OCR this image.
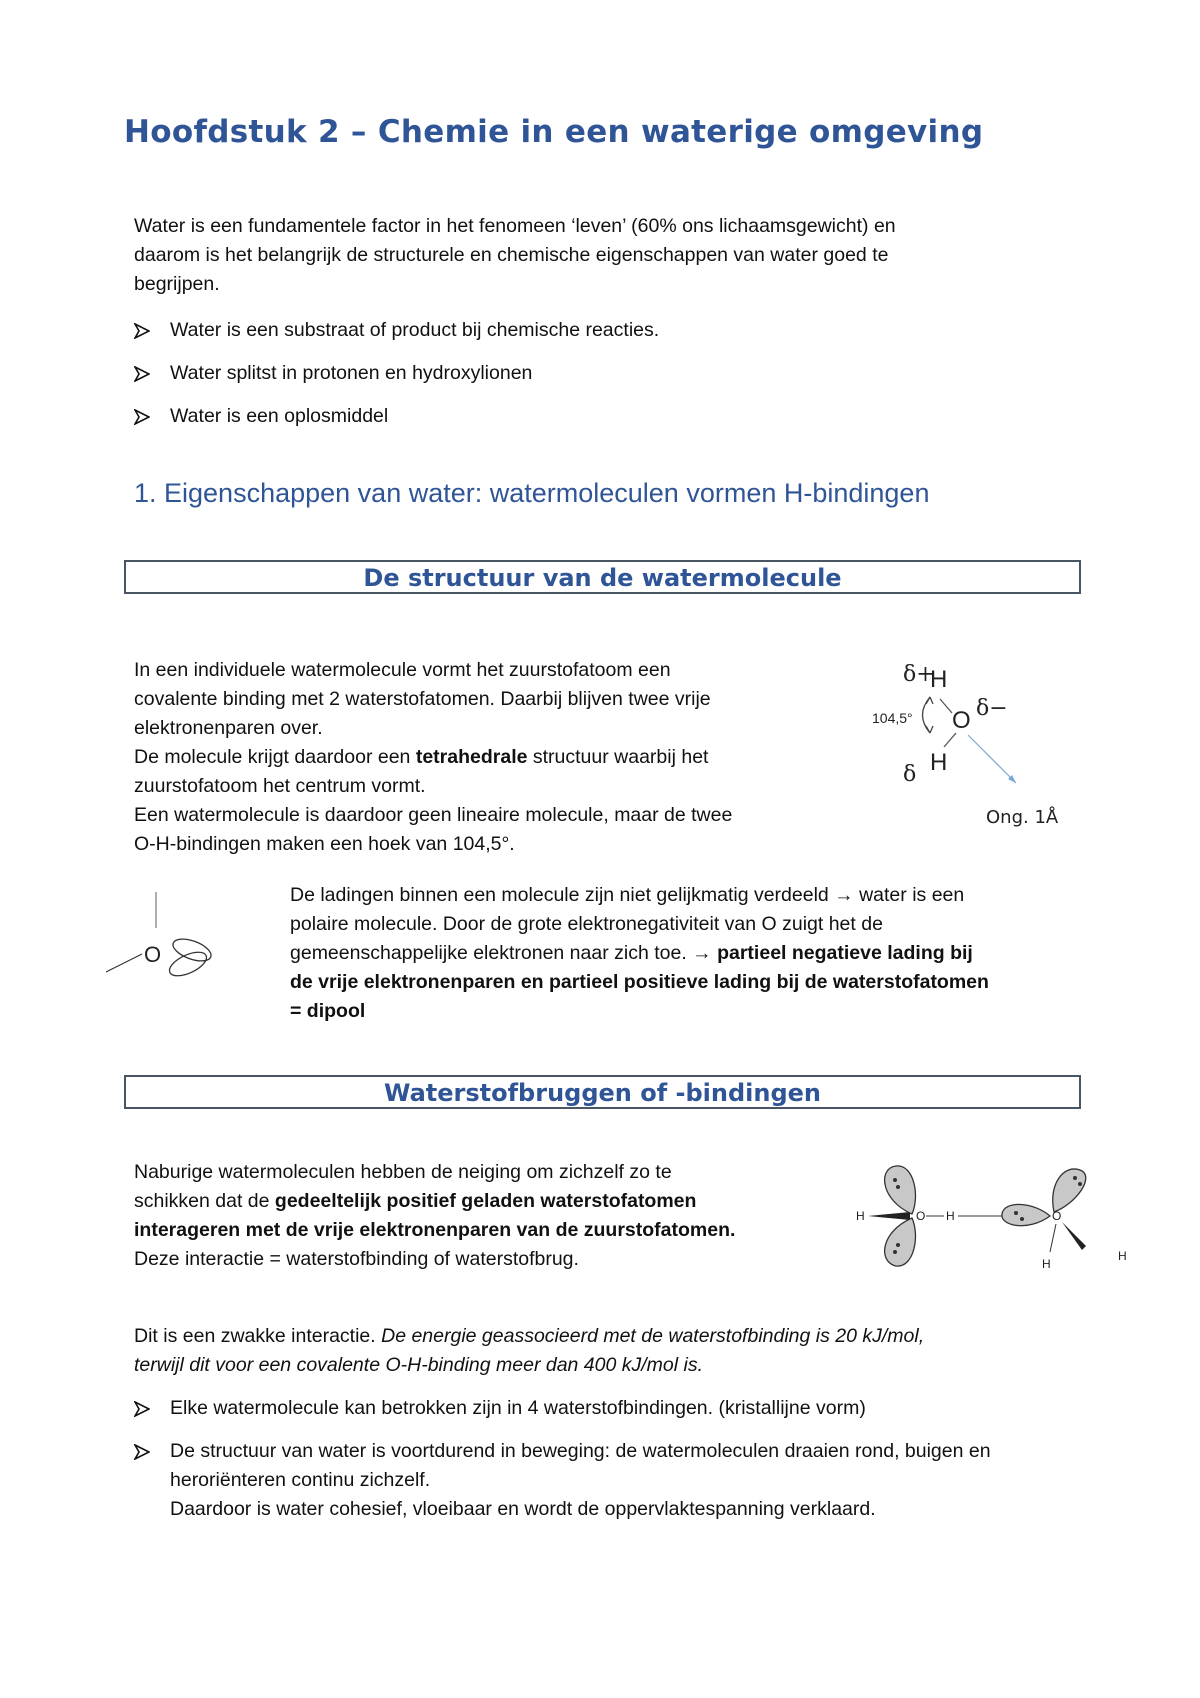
Hoofdstuk 2 – Chemie in een waterige omgeving
Water is een fundamentele factor in het fenomeen ‘leven’ (60% ons lichaamsgewicht) en
daarom is het belangrijk de structurele en chemische eigenschappen van water goed te
begrijpen.
Water is een substraat of product bij chemische reacties.
Water splitst in protonen en hydroxylionen
Water is een oplosmiddel
1. Eigenschappen van water: watermoleculen vormen H-bindingen
De structuur van de watermolecule
In een individuele watermolecule vormt het zuurstofatoom een
covalente binding met 2 waterstofatomen. Daarbij blijven twee vrije
elektronenparen over.
De molecule krijgt daardoor een tetrahedrale structuur waarbij het
zuurstofatoom het centrum vormt.
Een watermolecule is daardoor geen lineaire molecule, maar de twee
O-H-bindingen maken een hoek van 104,5°.
δ+
H
104,5° O δ−
δ H
Ong. 1Å
O
De ladingen binnen een molecule zijn niet gelijkmatig verdeeld → water is een
polaire molecule. Door de grote elektronegativiteit van O zuigt het de
gemeenschappelijke elektronen naar zich toe. → partieel negatieve lading bij
de vrije elektronenparen en partieel positieve lading bij de waterstofatomen
= dipool
Waterstofbruggen of -bindingen
Naburige watermoleculen hebben de neiging om zichzelf zo te
schikken dat de gedeeltelijk positief geladen waterstofatomen
interageren met de vrije elektronenparen van de zuurstofatomen.
Deze interactie = waterstofbinding of waterstofbrug.
H	O H	O
H
H
Dit is een zwakke interactie. De energie geassocieerd met de waterstofbinding is 20 kJ/mol,
terwijl dit voor een covalente O-H-binding meer dan 400 kJ/mol is.
Elke watermolecule kan betrokken zijn in 4 waterstofbindingen. (kristallijne vorm)
De structuur van water is voortdurend in beweging: de watermoleculen draaien rond, buigen en
heroriënteren continu zichzelf.
Daardoor is water cohesief, vloeibaar en wordt de oppervlaktespanning verklaard.
